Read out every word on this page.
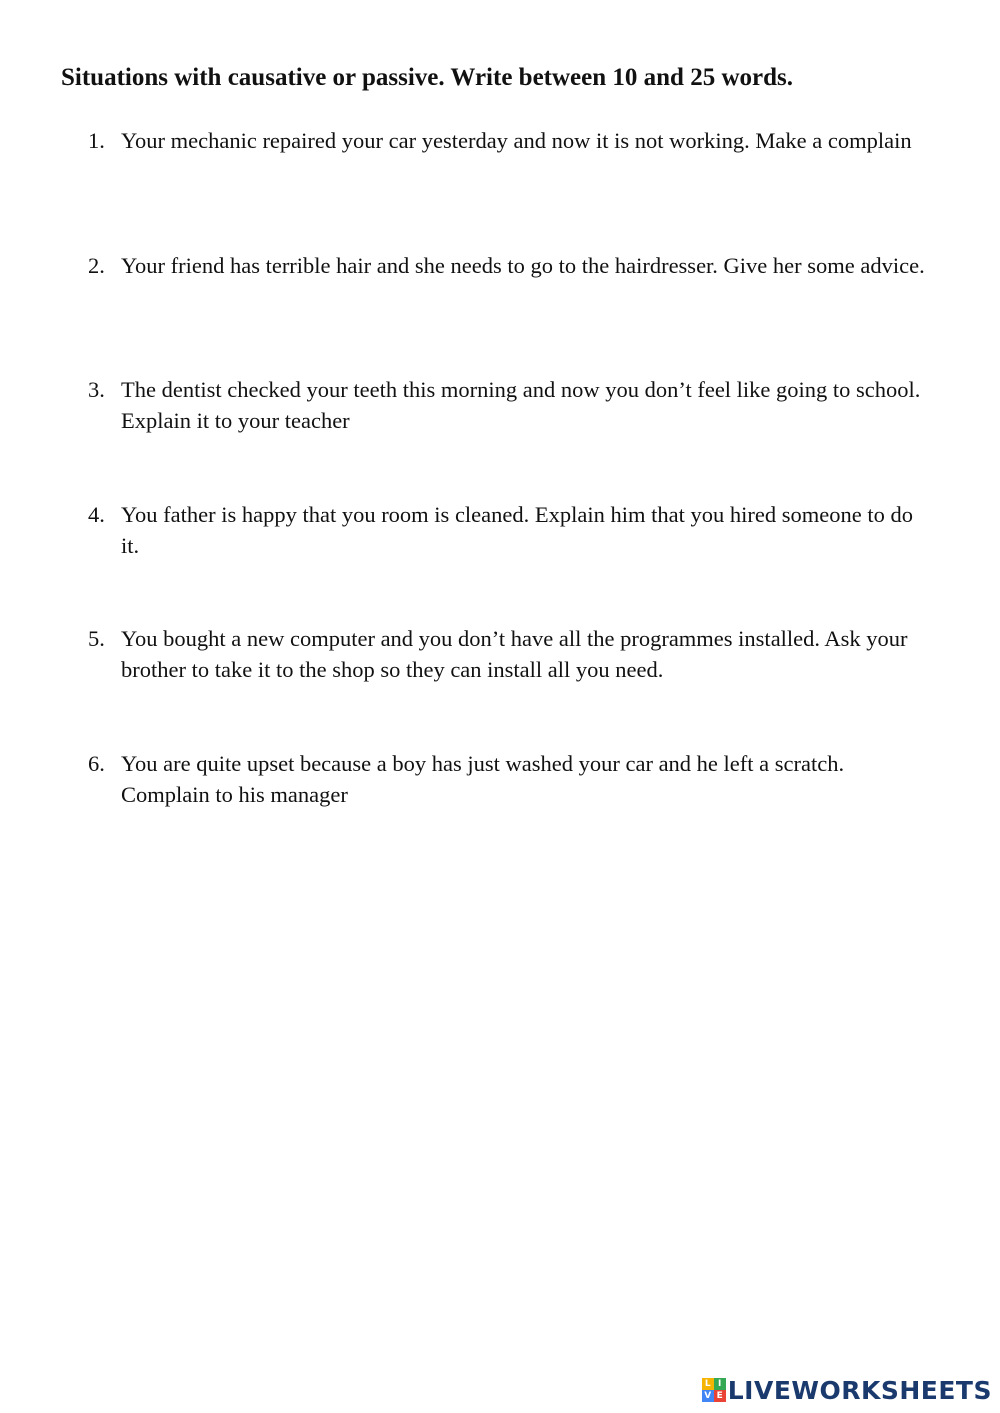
Situations with causative or passive. Write between 10 and 25 words.
1. Your mechanic repaired your car yesterday and now it is not working. Make a complain
2. Your friend has terrible hair and she needs to go to the hairdresser. Give her some advice.
3. The dentist checked your teeth this morning and now you don’t feel like going to school. Explain it to your teacher
4. You father is happy that you room is cleaned. Explain him that you hired someone to do it.
5. You bought a new computer and you don’t have all the programmes installed. Ask your brother to take it to the shop so they can install all you need.
6. You are quite upset because a boy has just washed your car and he left a scratch. Complain to his manager
L I
V E LIVEWORKSHEETS
